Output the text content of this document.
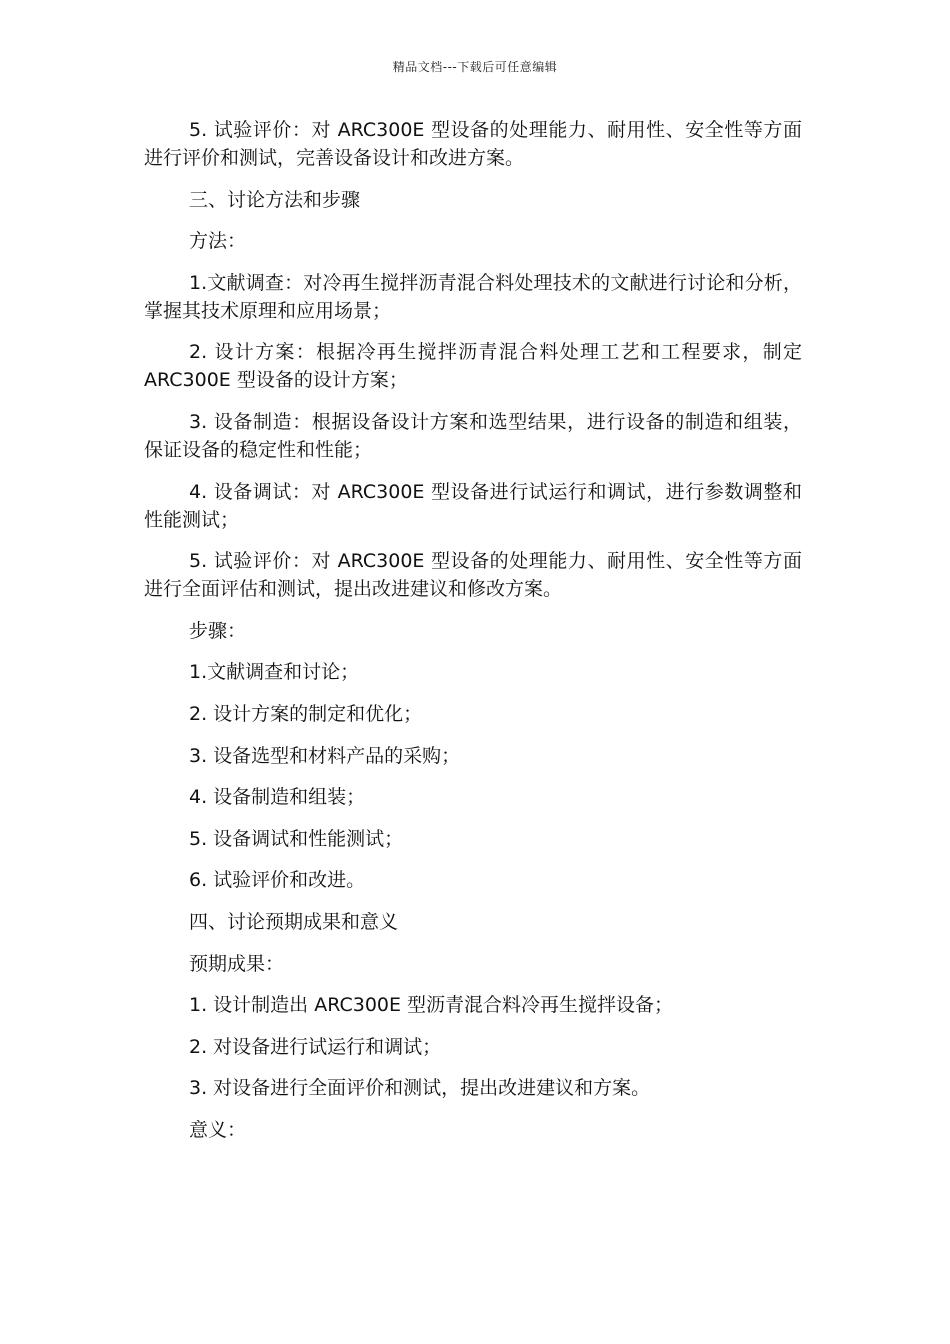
精品文档---下载后可任意编辑

5. 试验评价：对 ARC300E 型设备的处理能力、耐用性、安全性等方面进行评价和测试，完善设备设计和改进方案。

三、讨论方法和步骤

方法：

1.文献调查：对冷再生搅拌沥青混合料处理技术的文献进行讨论和分析，掌握其技术原理和应用场景；

2. 设计方案：根据冷再生搅拌沥青混合料处理工艺和工程要求，制定 ARC300E 型设备的设计方案；

3. 设备制造：根据设备设计方案和选型结果，进行设备的制造和组装，保证设备的稳定性和性能；

4. 设备调试：对 ARC300E 型设备进行试运行和调试，进行参数调整和性能测试；

5. 试验评价：对 ARC300E 型设备的处理能力、耐用性、安全性等方面进行全面评估和测试，提出改进建议和修改方案。

步骤：

1.文献调查和讨论；

2. 设计方案的制定和优化；

3. 设备选型和材料产品的采购；

4. 设备制造和组装；

5. 设备调试和性能测试；

6. 试验评价和改进。

四、讨论预期成果和意义

预期成果：

1. 设计制造出 ARC300E 型沥青混合料冷再生搅拌设备；

2. 对设备进行试运行和调试；

3. 对设备进行全面评价和测试，提出改进建议和方案。

意义：
